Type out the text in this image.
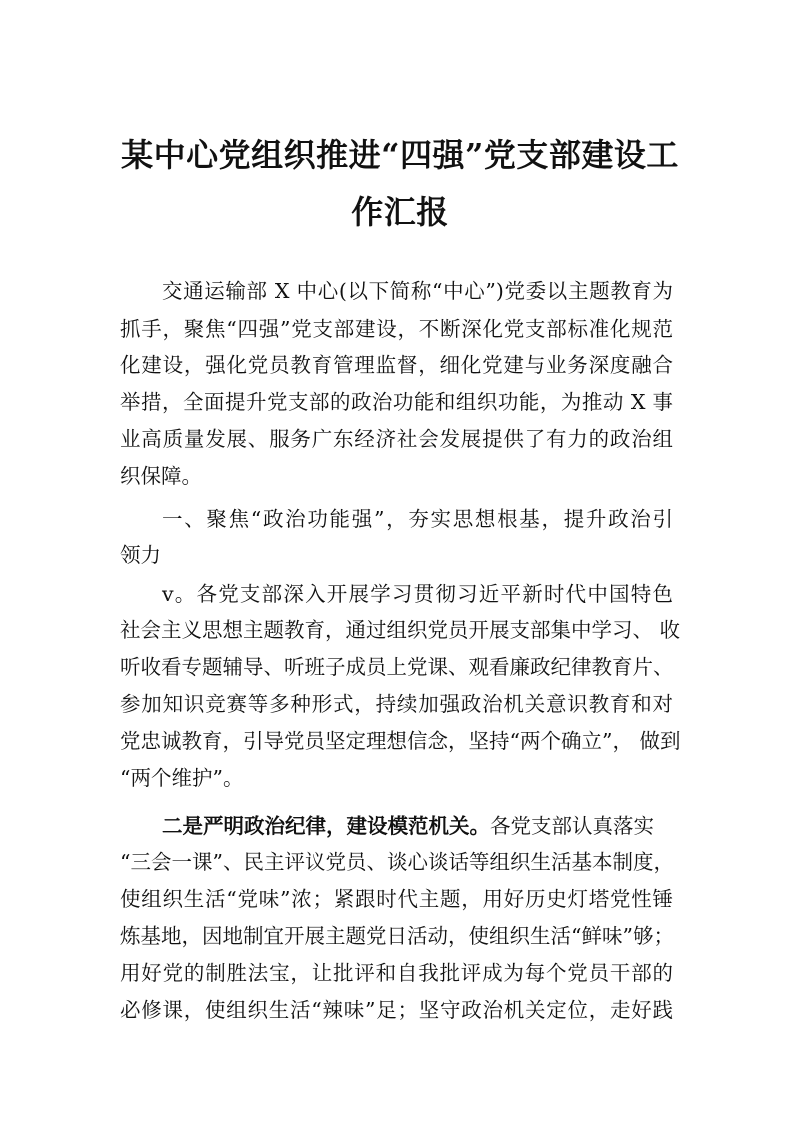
某中心党组织推进“四强”党支部建设工
作汇报
交通运输部 X 中心(以下简称“中心”)党委以主题教育为
抓手，聚焦“四强”党支部建设，不断深化党支部标准化规范
化建设，强化党员教育管理监督，细化党建与业务深度融合
举措，全面提升党支部的政治功能和组织功能，为推动 X 事
业高质量发展、服务广东经济社会发展提供了有力的政治组
织保障。
一、聚焦“政治功能强”，夯实思想根基，提升政治引
领力
v。各党支部深入开展学习贯彻习近平新时代中国特色
社会主义思想主题教育，通过组织党员开展支部集中学习、 收
听收看专题辅导、听班子成员上党课、观看廉政纪律教育片、
参加知识竞赛等多种形式，持续加强政治机关意识教育和对
党忠诚教育，引导党员坚定理想信念，坚持“两个确立”， 做到
“两个维护”。
二是严明政治纪律，建设模范机关。各党支部认真落实
“三会一课”、民主评议党员、谈心谈话等组织生活基本制度，
使组织生活“党味”浓；紧跟时代主题，用好历史灯塔党性锤
炼基地，因地制宜开展主题党日活动，使组织生活“鲜味”够；
用好党的制胜法宝，让批评和自我批评成为每个党员干部的
必修课，使组织生活“辣味”足；坚守政治机关定位，走好践
